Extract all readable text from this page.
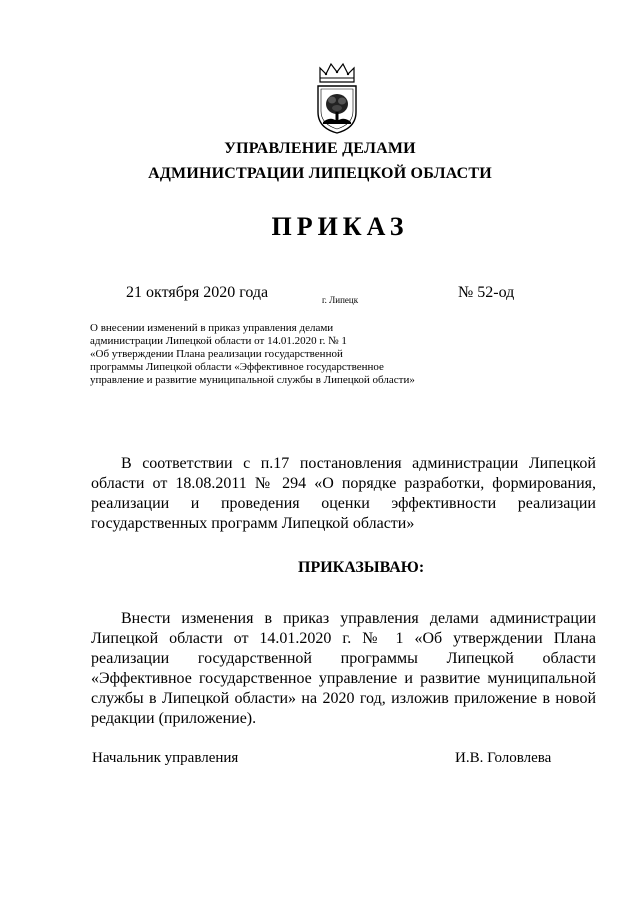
УПРАВЛЕНИЕ ДЕЛАМИ
АДМИНИСТРАЦИИ ЛИПЕЦКОЙ ОБЛАСТИ
ПРИКАЗ
21 октября 2020 года	г. Липецк	№ 52-од
О внесении изменений в приказ управления делами
администрации Липецкой области от 14.01.2020 г. № 1
«Об утверждении Плана реализации государственной
программы Липецкой области «Эффективное государственное
управление и развитие муниципальной службы в Липецкой области»
В соответствии с п.17 постановления администрации Липецкой области от 18.08.2011 № 294 «О порядке разработки, формирования, реализации и проведения оценки эффективности реализации государственных программ Липецкой области»
ПРИКАЗЫВАЮ:
Внести изменения в приказ управления делами администрации Липецкой области от 14.01.2020 г. № 1 «Об утверждении Плана реализации государственной программы Липецкой области «Эффективное государственное управление и развитие муниципальной службы в Липецкой области» на 2020 год, изложив приложение в новой редакции (приложение).
Начальник управления	И.В. Головлева
